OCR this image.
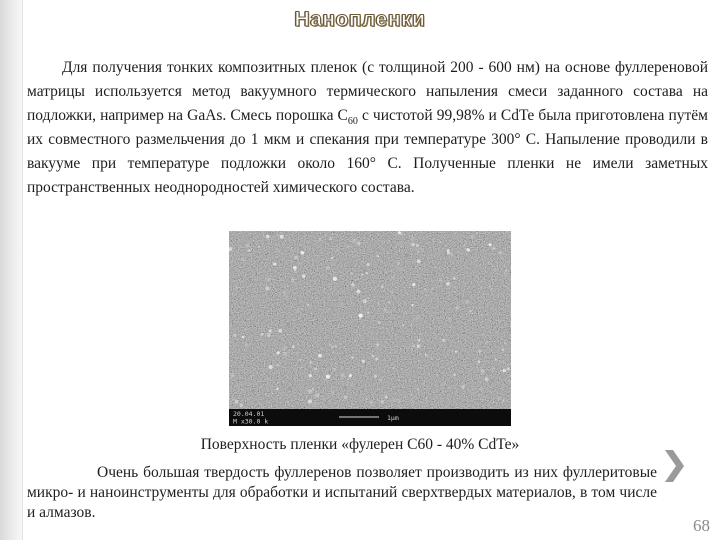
Нанопленки

Для получения тонких композитных пленок (с толщиной 200 - 600 нм) на основе фуллереновой матрицы используется метод вакуумного термического напыления смеси заданного состава на подложки, например на GaAs. Смесь порошка $С_{60}$ с чистотой 99,98% и CdTe была приготовлена путём их совместного размельчения до 1 мкм и спекания при температуре 300° С. Напыление проводили в вакууме при температуре подложки около 160° С. Полученные пленки не имели заметных пространственных неоднородностей химического состава.

20.04.01
M x30.0 k	1μm
Поверхность пленки «фулерен С60 - 40% CdTe»

Очень большая твердость фуллеренов позволяет производить из них фуллеритовые микро- и наноинструменты для обработки и испытаний сверхтвердых материалов, в том числе и алмазов.

68
